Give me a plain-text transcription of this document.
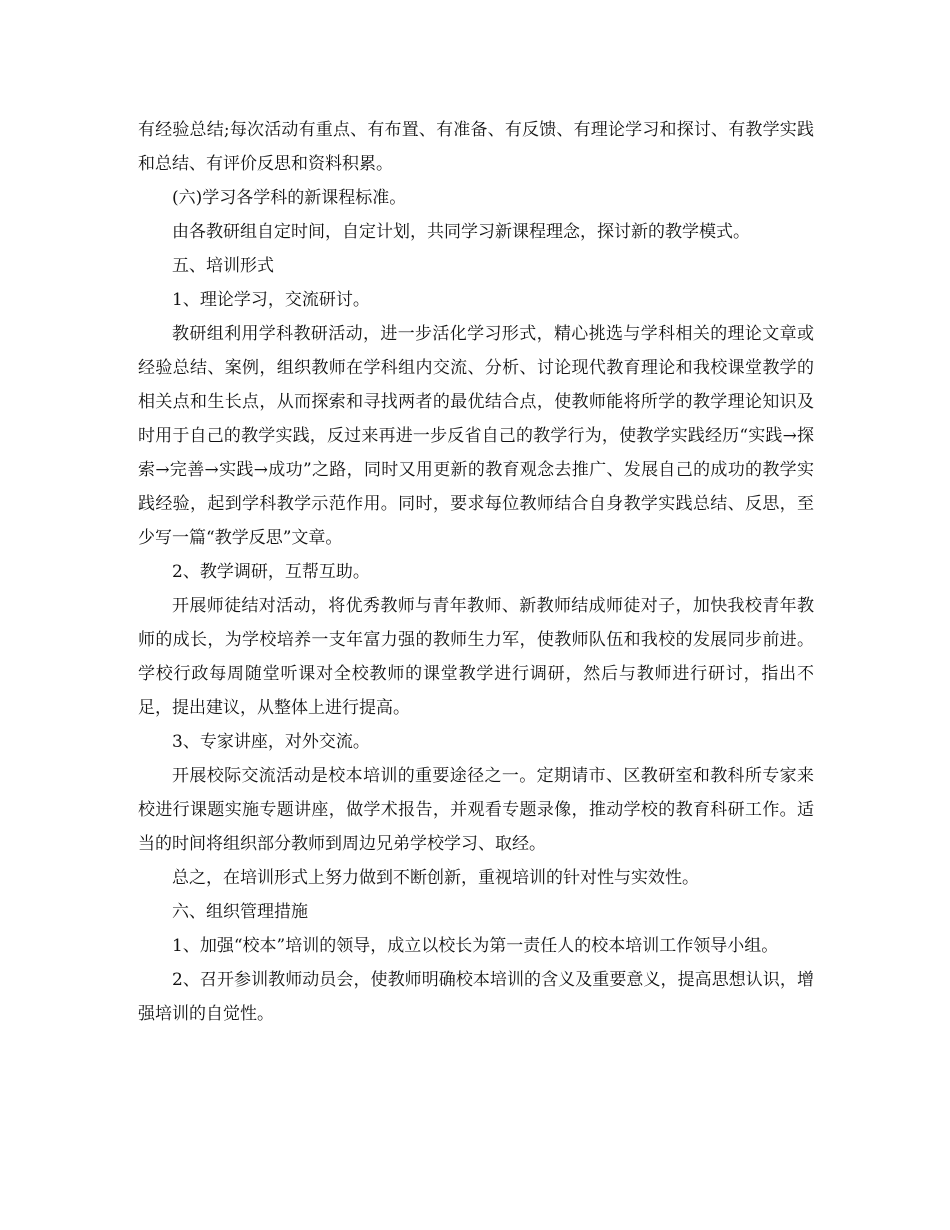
有经验总结;每次活动有重点、有布置、有准备、有反馈、有理论学习和探讨、有教学实践和总结、有评价反思和资料积累。

(六)学习各学科的新课程标准。

由各教研组自定时间，自定计划，共同学习新课程理念，探讨新的教学模式。

五、培训形式

1、理论学习，交流研讨。

教研组利用学科教研活动，进一步活化学习形式，精心挑选与学科相关的理论文章或经验总结、案例，组织教师在学科组内交流、分析、讨论现代教育理论和我校课堂教学的相关点和生长点，从而探索和寻找两者的最优结合点，使教师能将所学的教学理论知识及时用于自己的教学实践，反过来再进一步反省自己的教学行为，使教学实践经历“实践→探索→完善→实践→成功”之路，同时又用更新的教育观念去推广、发展自己的成功的教学实践经验，起到学科教学示范作用。同时，要求每位教师结合自身教学实践总结、反思，至少写一篇“教学反思”文章。

2、教学调研，互帮互助。

开展师徒结对活动，将优秀教师与青年教师、新教师结成师徒对子，加快我校青年教师的成长，为学校培养一支年富力强的教师生力军，使教师队伍和我校的发展同步前进。学校行政每周随堂听课对全校教师的课堂教学进行调研，然后与教师进行研讨，指出不足，提出建议，从整体上进行提高。

3、专家讲座，对外交流。

开展校际交流活动是校本培训的重要途径之一。定期请市、区教研室和教科所专家来校进行课题实施专题讲座，做学术报告，并观看专题录像，推动学校的教育科研工作。适当的时间将组织部分教师到周边兄弟学校学习、取经。

总之，在培训形式上努力做到不断创新，重视培训的针对性与实效性。

六、组织管理措施

1、加强“校本”培训的领导，成立以校长为第一责任人的校本培训工作领导小组。

2、召开参训教师动员会，使教师明确校本培训的含义及重要意义，提高思想认识，增强培训的自觉性。
